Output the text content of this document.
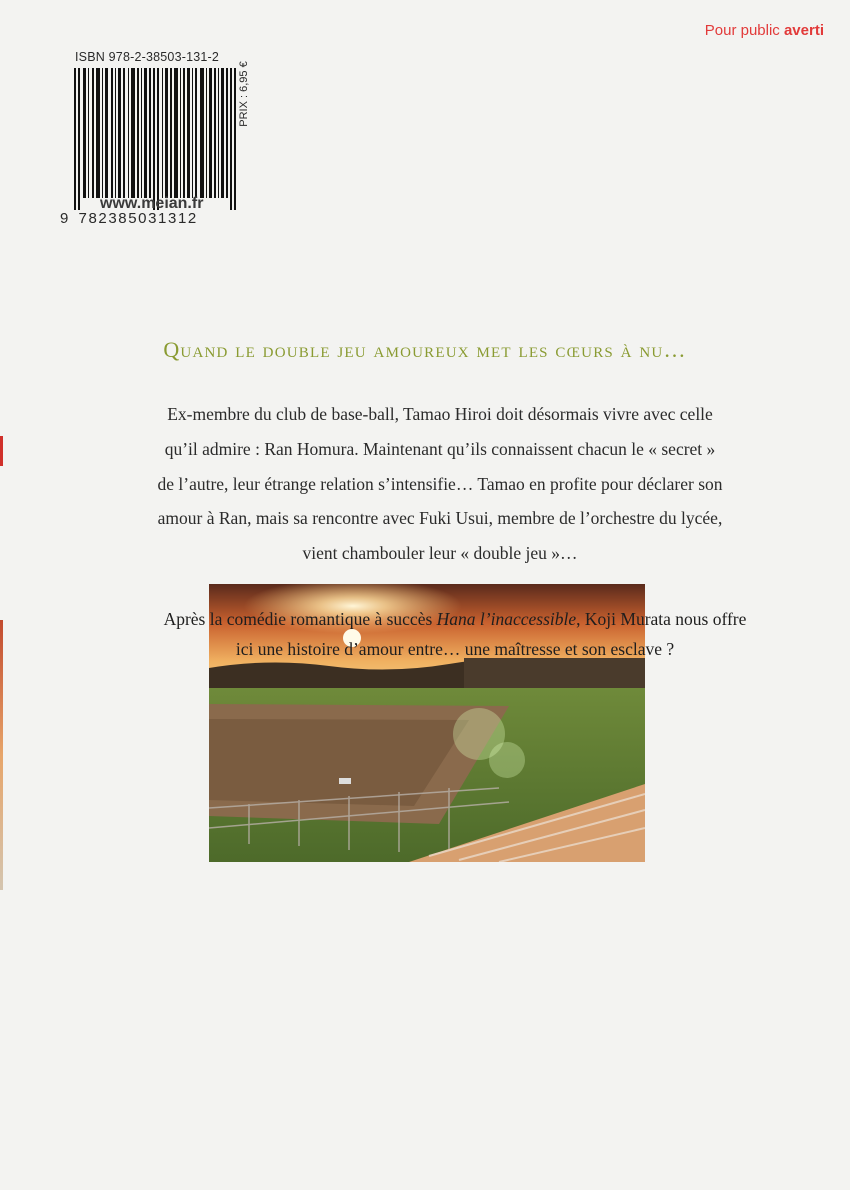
Pour public averti
ISBN 978-2-38503-131-2
9 782385031312
PRIX : 6,95 €
www.meian.fr
Quand le double jeu amoureux met les cœurs à nu…

Ex-membre du club de base-ball, Tamao Hiroi doit désormais vivre avec celle

qu’il admire : Ran Homura. Maintenant qu’ils connaissent chacun le « secret »

de l’autre, leur étrange relation s’intensifie… Tamao en profite pour déclarer son

amour à Ran, mais sa rencontre avec Fuki Usui, membre de l’orchestre du lycée,

vient chambouler leur « double jeu »…

Après la comédie romantique à succès Hana l’inaccessible, Koji Murata nous offre

ici une histoire d’amour entre… une maîtresse et son esclave ?
